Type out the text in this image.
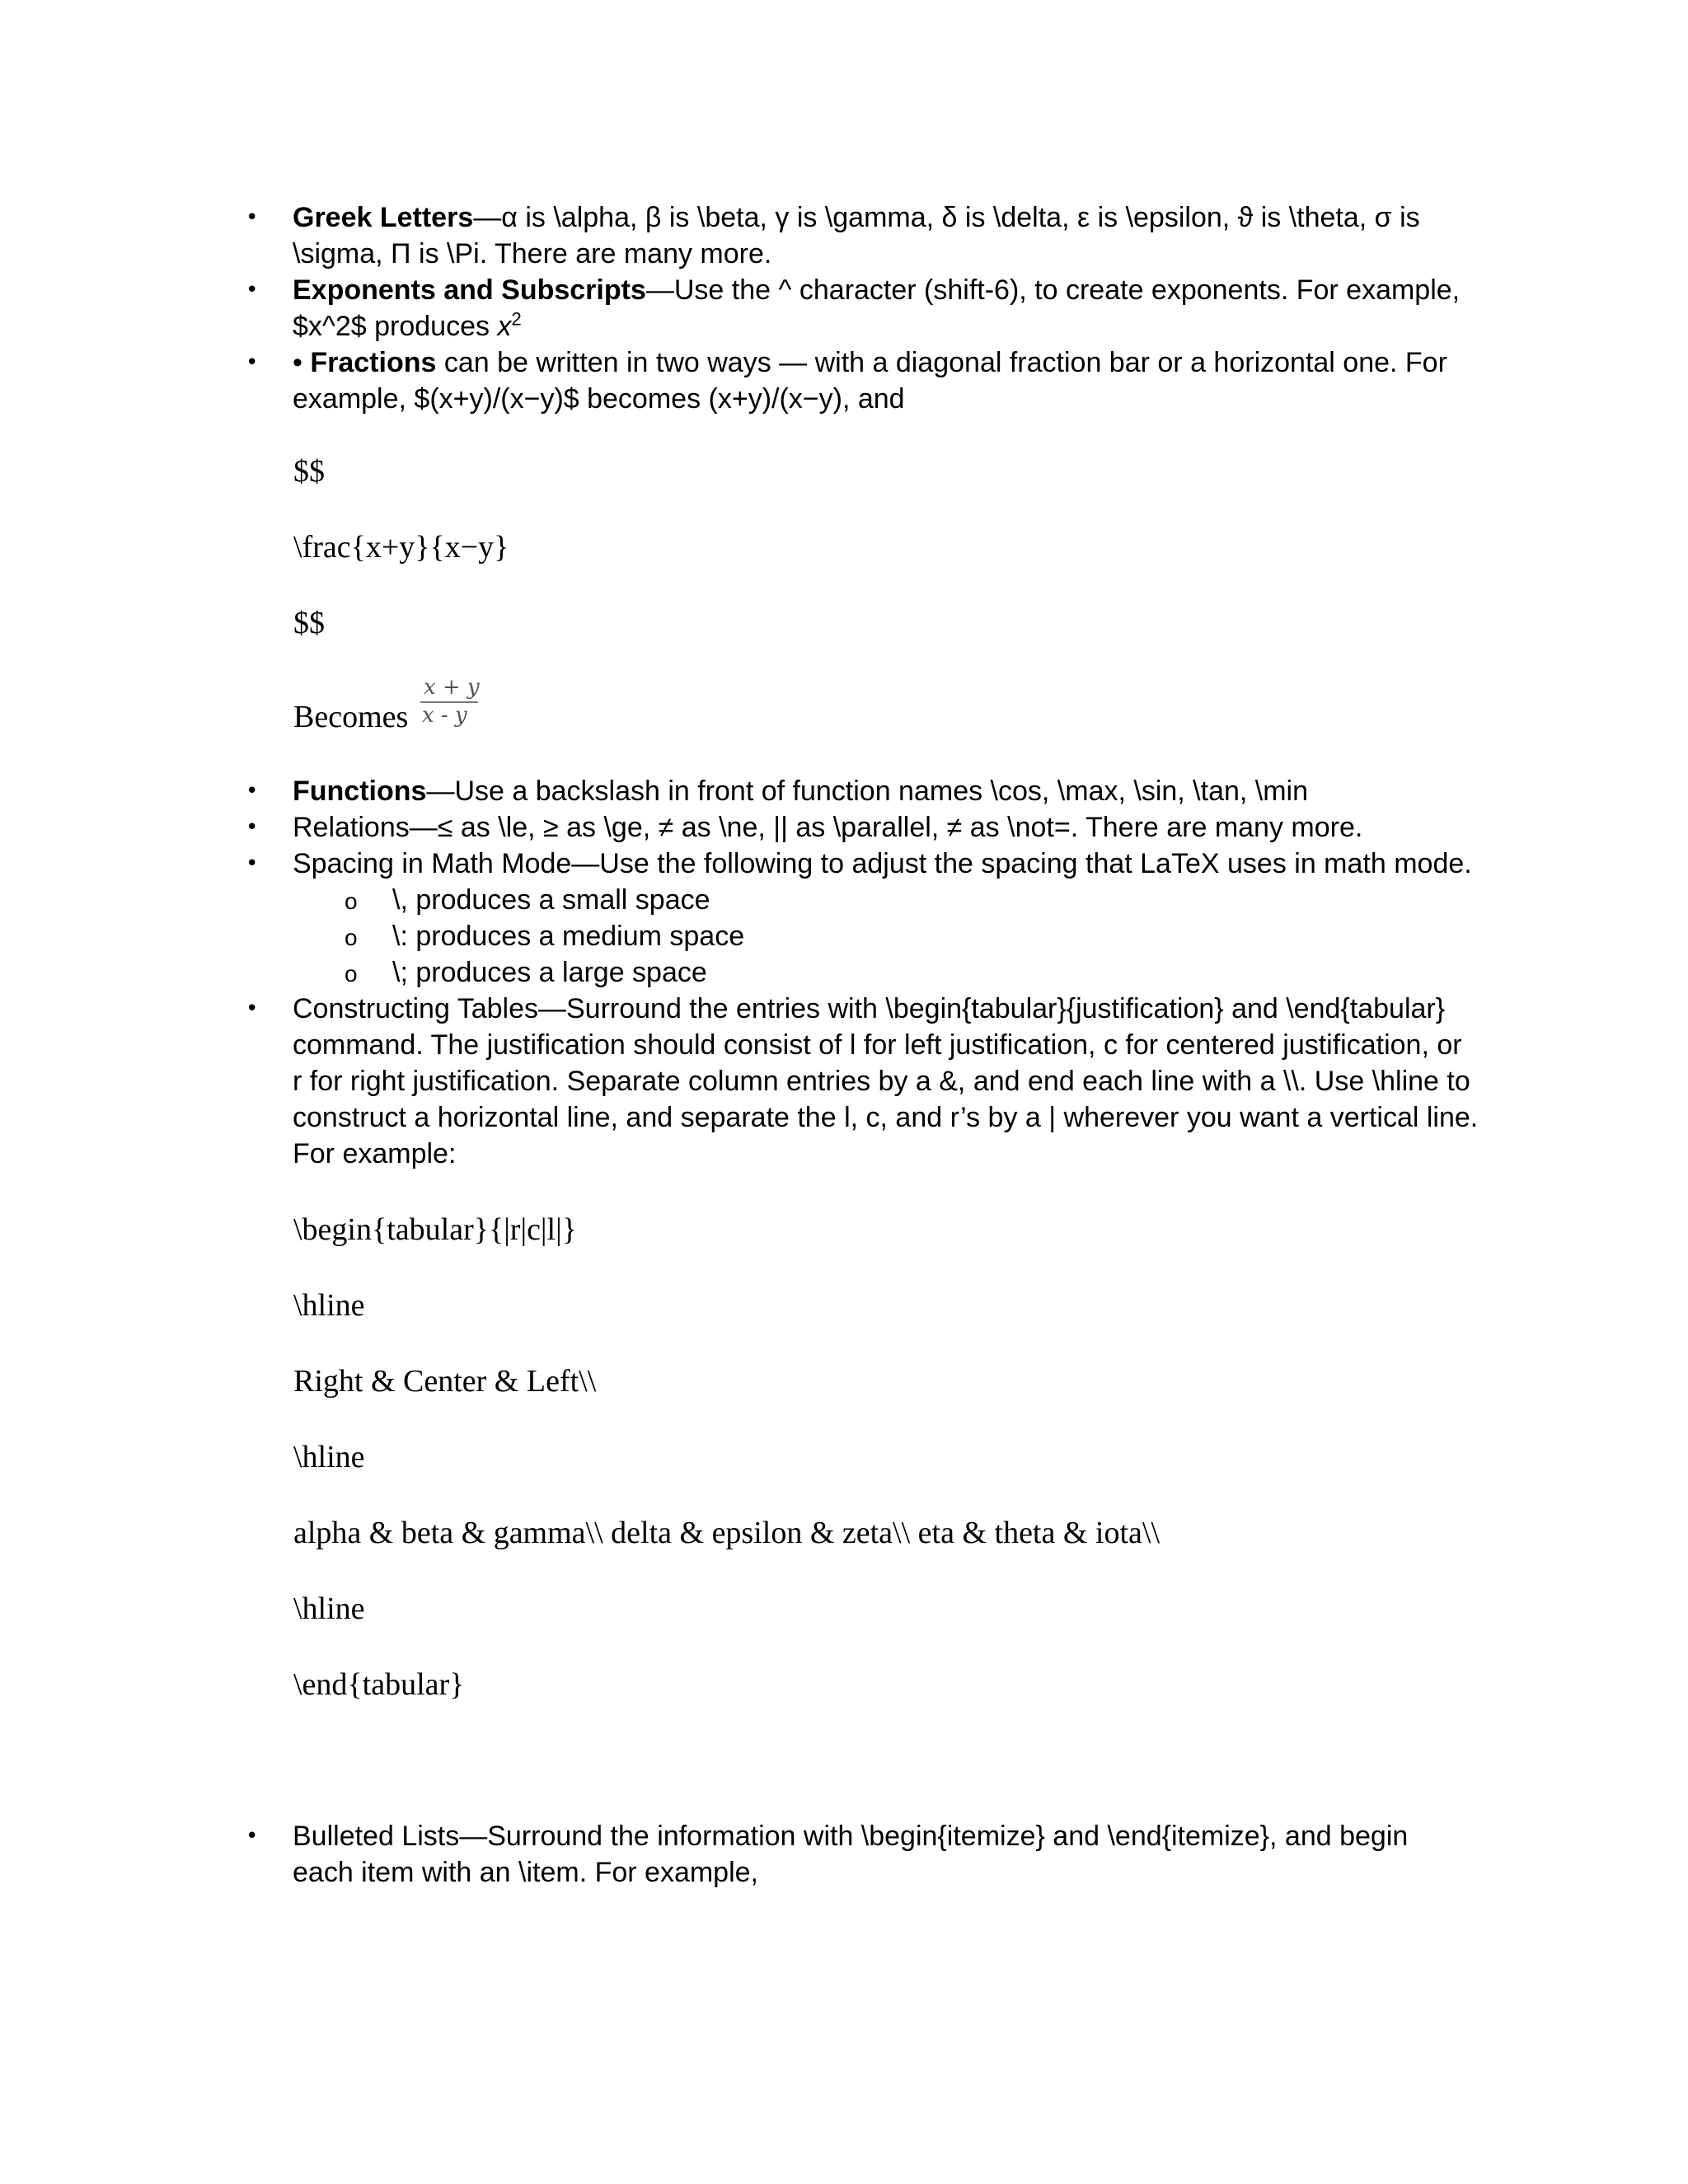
• Greek Letters—α is \alpha, β is \beta, γ is \gamma, δ is \delta, ε is \epsilon, ϑ is \theta, σ is
\sigma, Π is \Pi. There are many more.
• Exponents and Subscripts—Use the ^ character (shift-6), to create exponents. For example,
$x^2$ produces $x^2$
• • Fractions can be written in two ways — with a diagonal fraction bar or a horizontal one. For
example, $(x+y)/(x−y)$ becomes (x+y)/(x−y), and
$$
\frac{x+y}{x−y}
$$
Becomes
x + y
x - y
• Functions—Use a backslash in front of function names \cos, \max, \sin, \tan, \min
• Relations—≤ as \le, ≥ as \ge, ≠ as \ne, || as \parallel, ≠ as \not=. There are many more.
• Spacing in Math Mode—Use the following to adjust the spacing that LaTeX uses in math mode.
o \, produces a small space
o \: produces a medium space
o \; produces a large space
• Constructing Tables—Surround the entries with \begin{tabular}{justification} and \end{tabular}
command. The justification should consist of l for left justification, c for centered justification, or
r for right justification. Separate column entries by a &, and end each line with a \\. Use \hline to
construct a horizontal line, and separate the l, c, and r’s by a | wherever you want a vertical line.
For example:
\begin{tabular}{|r|c|l|}
\hline
Right & Center & Left\\
\hline
alpha & beta & gamma\\ delta & epsilon & zeta\\ eta & theta & iota\\
\hline
\end{tabular}
• Bulleted Lists—Surround the information with \begin{itemize} and \end{itemize}, and begin
each item with an \item. For example,
